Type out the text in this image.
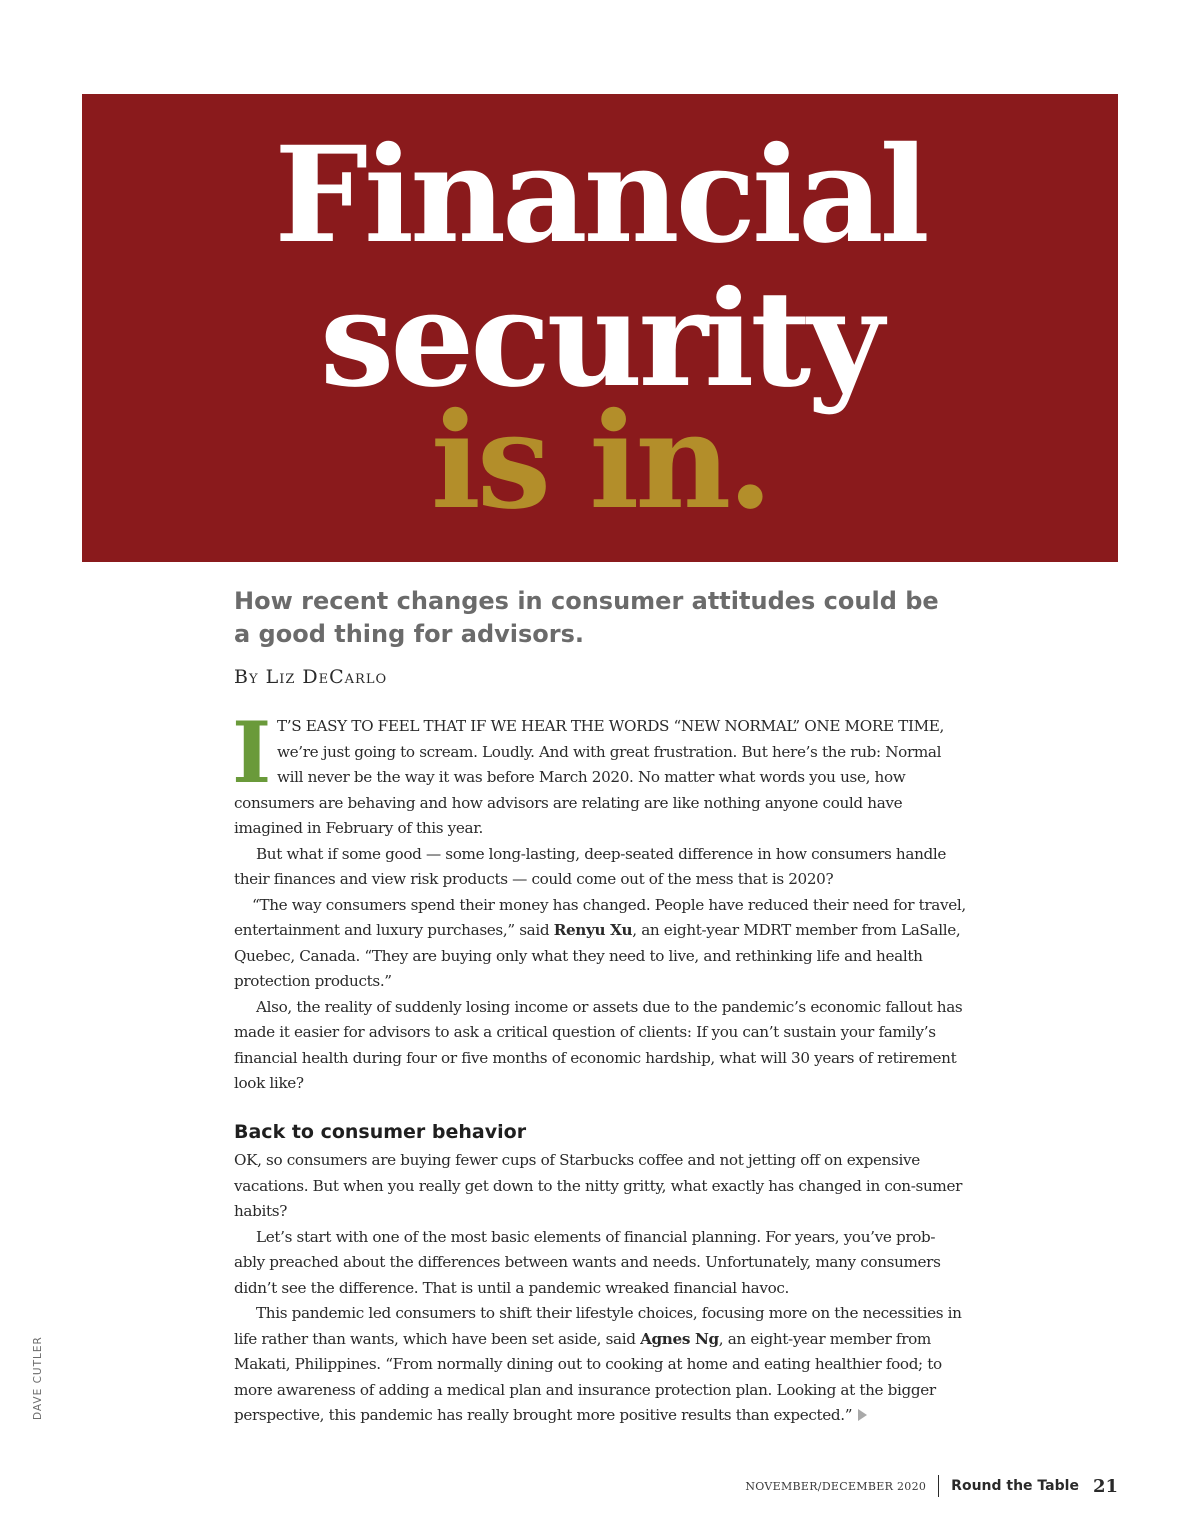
Financial
security
is in.
How recent changes in consumer attitudes could be a good thing for advisors.
By Liz DeCarlo

I T’S EASY TO FEEL THAT IF WE HEAR THE WORDS “NEW NORMAL” ONE MORE TIME, we’re just going to scream. Loudly. And with great frustration. But here’s the rub: Normal will never be the way it was before March 2020. No matter what words you use, how consumers are behaving and how advisors are relating are like nothing anyone could have imagined in February of this year.

But what if some good — some long-lasting, deep-seated difference in how consumers handle their finances and view risk products — could come out of the mess that is 2020?

“The way consumers spend their money has changed. People have reduced their need for travel, entertainment and luxury purchases,” said Renyu Xu, an eight-year MDRT member from LaSalle, Quebec, Canada. “They are buying only what they need to live, and rethinking life and health protection products.”

Also, the reality of suddenly losing income or assets due to the pandemic’s economic fallout has made it easier for advisors to ask a critical question of clients: If you can’t sustain your family’s financial health during four or five months of economic hardship, what will 30 years of retirement look like?

Back to consumer behavior

OK, so consumers are buying fewer cups of Starbucks coffee and not jetting off on expensive vacations. But when you really get down to the nitty gritty, what exactly has changed in con-sumer habits?

Let’s start with one of the most basic elements of financial planning. For years, you’ve prob-ably preached about the differences between wants and needs. Unfortunately, many consumers didn’t see the difference. That is until a pandemic wreaked financial havoc.

This pandemic led consumers to shift their lifestyle choices, focusing more on the necessities in life rather than wants, which have been set aside, said Agnes Ng, an eight-year member from Makati, Philippines. “From normally dining out to cooking at home and eating healthier food; to more awareness of adding a medical plan and insurance protection plan. Looking at the bigger perspective, this pandemic has really brought more positive results than expected.”

DAVE CUTLER
NOVEMBER/DECEMBER 2020 Round the Table 21
